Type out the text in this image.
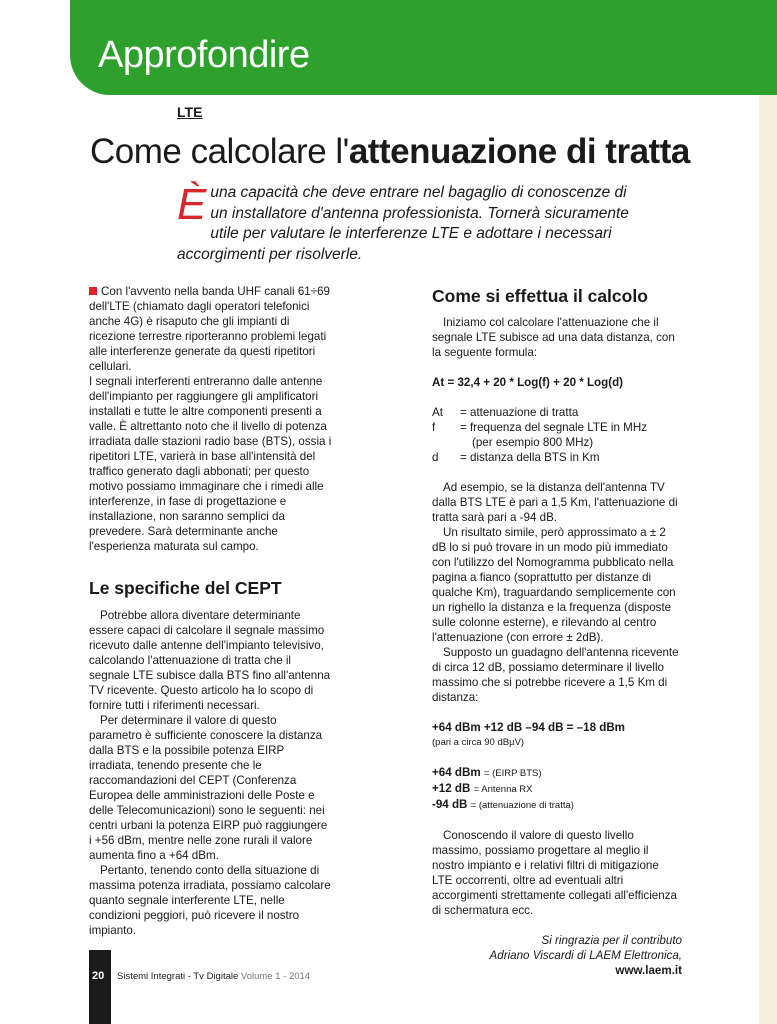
Approfondire
LTE
Come calcolare l'attenuazione di tratta
È una capacità che deve entrare nel bagaglio di conoscenze di un installatore d'antenna professionista. Tornerà sicuramente utile per valutare le interferenze LTE e adottare i necessari accorgimenti per risolverle.

Con l'avvento nella banda UHF canali 61÷69 dell'LTE (chiamato dagli operatori telefonici anche 4G) è risaputo che gli impianti di ricezione terrestre riporteranno problemi legati alle interferenze generate da questi ripetitori cellulari.

I segnali interferenti entreranno dalle antenne dell'impianto per raggiungere gli amplificatori installati e tutte le altre componenti presenti a valle. È altrettanto noto che il livello di potenza irradiata dalle stazioni radio base (BTS), ossia i ripetitori LTE, varierà in base all'intensità del traffico generato dagli abbonati; per questo motivo possiamo immaginare che i rimedi alle interferenze, in fase di progettazione e installazione, non saranno semplici da prevedere. Sarà determinante anche l'esperienza maturata sul campo.

Le specifiche del CEPT

Potrebbe allora diventare determinante essere capaci di calcolare il segnale massimo ricevuto dalle antenne dell'impianto televisivo, calcolando l'attenuazione di tratta che il segnale LTE subisce dalla BTS fino all'antenna TV ricevente. Questo articolo ha lo scopo di fornire tutti i riferimenti necessari.

Per determinare il valore di questo parametro è sufficiente conoscere la distanza dalla BTS e la possibile potenza EIRP irradiata, tenendo presente che le raccomandazioni del CEPT (Conferenza Europea delle amministrazioni delle Poste e delle Telecomunicazioni) sono le seguenti: nei centri urbani la potenza EIRP può raggiungere i +56 dBm, mentre nelle zone rurali il valore aumenta fino a +64 dBm.

Pertanto, tenendo conto della situazione di massima potenza irradiata, possiamo calcolare quanto segnale interferente LTE, nelle condizioni peggiori, può ricevere il nostro impianto.

Come si effettua il calcolo

Iniziamo col calcolare l'attenuazione che il segnale LTE subisce ad una data distanza, con la seguente formula:

At = 32,4 + 20 * Log(f) + 20 * Log(d)

At	= attenuazione di tratta
f	= frequenza del segnale LTE in MHz
(per esempio 800 MHz)
d	= distanza della BTS in Km

Ad esempio, se la distanza dell'antenna TV dalla BTS LTE è pari a 1,5 Km, l'attenuazione di tratta sarà pari a -94 dB.

Un risultato simile, però approssimato a ± 2 dB lo si può trovare in un modo più immediato con l'utilizzo del Nomogramma pubblicato nella pagina a fianco (soprattutto per distanze di qualche Km), traguardando semplicemente con un righello la distanza e la frequenza (disposte sulle colonne esterne), e rilevando al centro l'attenuazione (con errore ± 2dB).

Supposto un guadagno dell'antenna ricevente di circa 12 dB, possiamo determinare il livello massimo che si potrebbe ricevere a 1,5 Km di distanza:

+64 dBm +12 dB –94 dB = –18 dBm

(pari a circa 90 dBµV)

+64 dBm = (EIRP BTS)

+12 dB = Antenna RX

-94 dB = (attenuazione di tratta)

Conoscendo il valore di questo livello massimo, possiamo progettare al meglio il nostro impianto e i relativi filtri di mitigazione LTE occorrenti, oltre ad eventuali altri accorgimenti strettamente collegati all'efficienza di schermatura ecc.

Si ringrazia per il contributo

Adriano Viscardi di LAEM Elettronica, www.laem.it

20 Sistemi Integrati - Tv Digitale Volume 1 - 2014
